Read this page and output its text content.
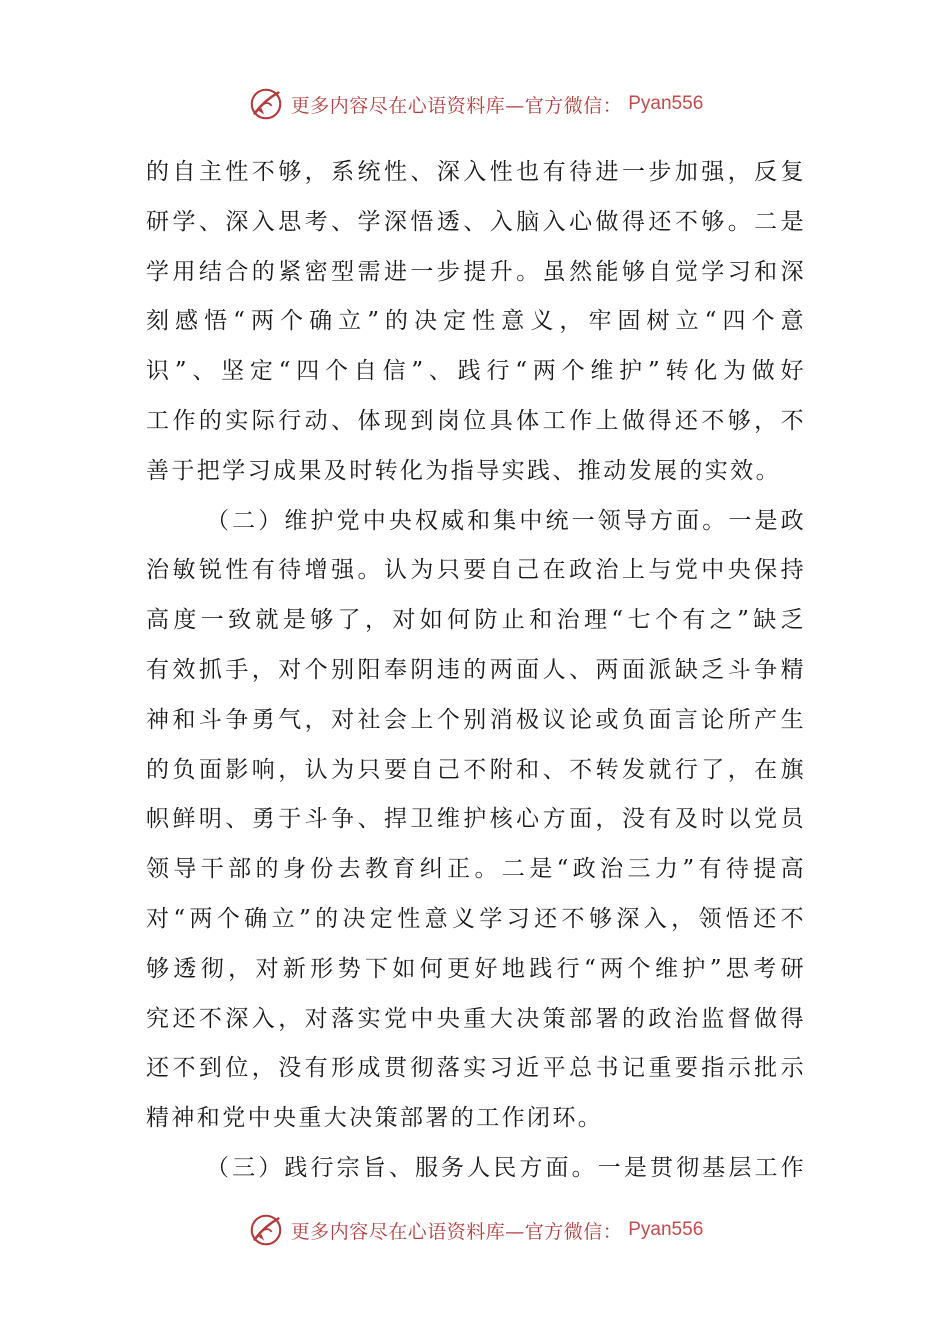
更多内容尽在心语资料库—官方微信： Pyan556
的自主性不够，系统性、深入性也有待进一步加强，反复
研学、深入思考、学深悟透、入脑入心做得还不够。二是
学用结合的紧密型需进一步提升。虽然能够自觉学习和深
刻感悟“两个确立”的决定性意义，牢固树立“四个意
识”、坚定“四个自信”、践行“两个维护”转化为做好
工作的实际行动、体现到岗位具体工作上做得还不够，不
善于把学习成果及时转化为指导实践、推动发展的实效。
（二）维护党中央权威和集中统一领导方面。一是政
治敏锐性有待增强。认为只要自己在政治上与党中央保持
高度一致就是够了，对如何防止和治理“七个有之”缺乏
有效抓手，对个别阳奉阴违的两面人、两面派缺乏斗争精
神和斗争勇气，对社会上个别消极议论或负面言论所产生
的负面影响，认为只要自己不附和、不转发就行了，在旗
帜鲜明、勇于斗争、捍卫维护核心方面，没有及时以党员
领导干部的身份去教育纠正。二是“政治三力”有待提高
对“两个确立”的决定性意义学习还不够深入，领悟还不
够透彻，对新形势下如何更好地践行“两个维护”思考研
究还不深入，对落实党中央重大决策部署的政治监督做得
还不到位，没有形成贯彻落实习近平总书记重要指示批示
精神和党中央重大决策部署的工作闭环。
（三）践行宗旨、服务人民方面。一是贯彻基层工作
更多内容尽在心语资料库—官方微信： Pyan556
